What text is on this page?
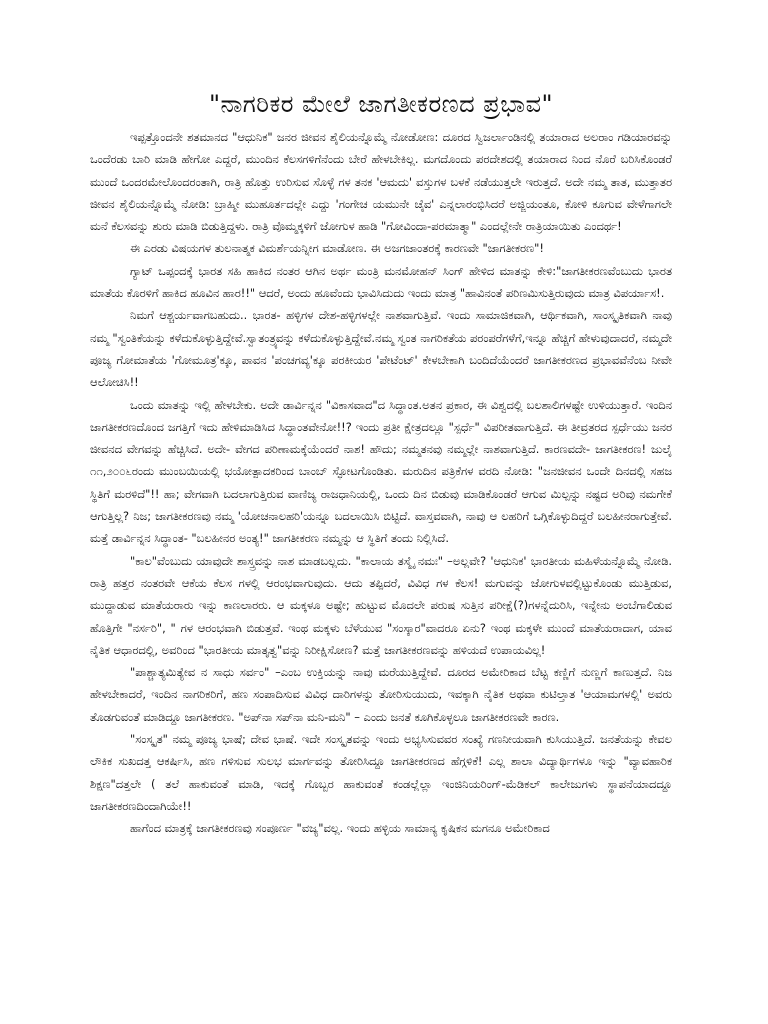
"ನಾಗರಿಕರ ಮೇಲೆ ಜಾಗತೀಕರಣದ ಪ್ರಭಾವ"

ಇಪ್ಪತ್ತೊಂದನೇ ಶತಮಾನದ "ಆಧುನಿಕ" ಜನರ ಜೀವನ ಶೈಲಿಯನ್ನೊಮ್ಮೆ ನೋಡೋಣ: ದೂರದ ಸ್ವಿಜರ್ಲಾಂಡಿನಲ್ಲಿ ತಯಾರಾದ ಅಲರಾಂ ಗಡಿಯಾರವನ್ನು ಒಂದೆರಡು ಬಾರಿ ಮಾಡಿ ಹೇಗೋ ಎದ್ದರೆ, ಮುಂದಿನ ಕೆಲಸಗಳಿಗೆನೆಂದು ಬೇರೆ ಹೇಳಬೇಕಿಲ್ಲ. ಮಗದೊಂದು ಪರದೇಶದಲ್ಲಿ ತಯಾರಾದ ನಿಂದ ನೊರೆ ಬರಿಸಿಕೊಂಡರೆ ಮುಂದೆ ಒಂದರಮೇಲೊಂದರಂತಾಗಿ, ರಾತ್ರಿ ಹೊತ್ತು ಉರಿಸುವ ಸೊಳ್ಳೆ ಗಳ ತನಕ 'ಆಮದು' ವಸ್ತುಗಳ ಬಳಕೆ ನಡೆಯುತ್ತಲೇ ಇರುತ್ತದೆ. ಅದೇ ನಮ್ಮ ತಾತ, ಮುತ್ತಾತರ ಜೀವನ ಶೈಲಿಯನ್ನೊಮ್ಮೆ ನೋಡಿ: ಬ್ರಾಹ್ಮೀ ಮುಹೂರ್ತದಲ್ಲೇ ಎದ್ದು 'ಗಂಗೇಚ ಯಮುನೇ ಚೈವ' ಎನ್ನಲಾರಂಭಿಸಿದರೆ ಅಜ್ಜಿಯಂತೂ, ಕೋಳಿ ಕೂಗುವ ವೇಳೆಗಾಗಲೇ ಮನೆ ಕೆಲಸವನ್ನು ಶುರು ಮಾಡಿ ಬಿಡುತ್ತಿದ್ದಳು. ರಾತ್ರಿ ವೊಮ್ಮಕ್ಕಳಿಗೆ ಜೋಗುಳ ಹಾಡಿ "ಗೋವಿಂದಾ-ಪರಮಾತ್ಮಾ" ಎಂದಲ್ಲೇನೇ ರಾತ್ರಿಯಾಯಿತು ಎಂದರ್ಥ!

ಈ ಎರಡು ವಿಷಯಗಳ ತುಲನಾತ್ಮಕ ವಿಮರ್ಶೆಯನ್ನೀಗ ಮಾಡೋಣ. ಈ ಅಜಗಜಾಂತರಕ್ಕೆ ಕಾರಣವೇ "ಜಾಗತೀಕರಣ"!

ಗ್ಯಾಟ್ ಒಪ್ಪಂದಕ್ಕೆ ಭಾರತ ಸಹಿ ಹಾಕಿದ ನಂತರ ಆಗಿನ ಅರ್ಥ ಮಂತ್ರಿ ಮನಮೋಹನ್ ಸಿಂಗ್ ಹೇಳಿದ ಮಾತನ್ನು ಕೇಳಿ:"ಜಾಗತೀಕರಣವೆಂಬುದು ಭಾರತ ಮಾತೆಯ ಕೊರಳಿಗೆ ಹಾಕಿದ ಹೂವಿನ ಹಾರ!!" ಆದರೆ, ಅಂದು ಹೂವೆಂದು ಭಾವಿಸಿದುದು ಇಂದು ಮಾತ್ರ "ಹಾವಿನಂತೆ ಪರಿಣಮಿಸುತ್ತಿರುವುದು ಮಾತ್ರ ವಿಪರ್ಯಾಸ!.

ನಿಮಗೆ ಆಶ್ಚರ್ಯವಾಗಬಹುದು.. ಭಾರತ- ಹಳ್ಳಿಗಳ ದೇಶ-ಹಳ್ಳಿಗಳಲ್ಲೇ ನಾಶವಾಗುತ್ತಿವೆ. ಇಂದು ಸಾಮಾಜಿಕವಾಗಿ, ಆರ್ಥಿಕವಾಗಿ, ಸಾಂಸ್ಕೃತಿಕವಾಗಿ ನಾವು ನಮ್ಮ "ಸ್ವಂತಿಕೆಯನ್ನು ಕಳೆದುಕೊಳ್ಳುತ್ತಿದ್ದೇವೆ.ಸ್ವಾತಂತ್ರ್ಯವನ್ನು ಕಳೆದುಕೊಳ್ಳುತ್ತಿದ್ದೇವೆ.ನಮ್ಮ ಸ್ವಂತ ನಾಗರಿಕತೆಯ ಪರಂಪರೆಗಳೆಗೆ,ಇನ್ನೂ ಹೆಚ್ಚಿಗೆ ಹೇಳುವುದಾದರೆ, ನಮ್ಮದೇ ಪೂಜ್ಯ ಗೋಮಾತೆಯ 'ಗೋಮೂತ್ರ'ಕ್ಕೂ, ಪಾವನ 'ಪಂಚಗವ್ಯ'ಕ್ಕೂ ಪರಕೀಯರ 'ಪೇಟೆಂಟ್' ಕೇಳಬೇಕಾಗಿ ಬಂದಿದೆಯೆಂದರೆ ಜಾಗತೀಕರಣದ ಪ್ರಭಾವವೆನೆಂಬ ನೀವೇ ಆಲೋಚಿಸಿ!!

ಒಂದು ಮಾತನ್ನು ಇಲ್ಲಿ ಹೇಳಬೇಕು. ಅದೇ ಡಾರ್ವಿನ್ನನ "ವಿಕಾಸವಾದ"ದ ಸಿದ್ಧಾಂತ.ಅತನ ಪ್ರಕಾರ, ಈ ವಿಶ್ವದಲ್ಲಿ ಬಲಶಾಲಿಗಳಷ್ಟೇ ಉಳಿಯುತ್ತಾರೆ. ಇಂದಿನ ಜಾಗತೀಕರಣದೊಂದ ಜಗತ್ತಿಗೆ ಇದು ಹೇಳಿಮಾಡಿಸಿದ ಸಿದ್ಧಾಂತವೇನೋ!!? ಇಂದು ಪ್ರತೀ ಕ್ಷೇತ್ರದಲ್ಲೂ "ಸ್ಪರ್ಧೆ" ವಿಪರೀತವಾಗುತ್ತಿದೆ. ಈ ತೀವ್ರತರದ ಸ್ಪರ್ಧೆಯು ಜನರ ಜೀವನದ ವೇಗವನ್ನು ಹೆಚ್ಚಿಸಿದೆ. ಅದೇ- ವೇಗದ ಪರಿಣಾಮಕ್ಕೆಯೆಂದರೆ ನಾಶ! ಹೌದು; ನಮ್ಮತನವು ನಮ್ಮಲ್ಲೇ ನಾಶವಾಗುತ್ತಿದೆ. ಕಾರಣವದೇ- ಜಾಗತೀಕರಣ! ಜುಲೈ ೧೧,೨೦೦೬ರಂದು ಮುಂಬಯಿಯಲ್ಲಿ ಭಯೋತ್ಪಾದಕರಿಂದ ಬಾಂಬ್ ಸ್ಫೋಟಗೊಂಡಿತು. ಮರುದಿನ ಪತ್ರಿಕೆಗಳ ವರದಿ ನೋಡಿ: "ಜನಜೀವನ ಒಂದೇ ದಿನದಲ್ಲಿ ಸಹಜ ಸ್ಥಿತಿಗೆ ಮರಳಿದೆ"!! ಹಾ; ವೇಗವಾಗಿ ಬದಲಾಗುತ್ತಿರುವ ವಾಣಿಜ್ಯ ರಾಜಧಾನಿಯಲ್ಲಿ, ಒಂದು ದಿನ ಬಿಡುವು ಮಾಡಿಕೊಂಡರೆ ಆಗುವ ಮಿಲ್ಪನ್ನು ನಷ್ಟದ ಅರಿವು ನಮಗೇಕೆ ಆಗುತ್ತಿಲ್ಲ? ನಿಜ; ಜಾಗತೀಕರಣವು ನಮ್ಮ 'ಯೋಚನಾಲಹರಿ'ಯನ್ನೂ ಬದಲಾಯಿಸಿ ಬಿಟ್ಟಿದೆ. ವಾಸ್ತವವಾಗಿ, ನಾವು ಆ ಲಹರಿಗೆ ಒಗ್ಗಿಕೊಳ್ಳುದಿದ್ದರೆ ಬಲಹೀನರಾಗುತ್ತೇವೆ. ಮತ್ತೆ ಡಾರ್ವಿನ್ನನ ಸಿದ್ಧಾಂತ- "ಬಲಹೀನರ ಅಂತ್ಯ!" ಜಾಗತೀಕರಣ ನಮ್ಮನ್ನು ಆ ಸ್ಥಿತಿಗೆ ತಂದು ನಿಲ್ಲಿಸಿದೆ.

"ಕಾಲ"ವೆಂಬುದು ಯಾವುದೇ ಶಾಸ್ತ್ರವನ್ನು ನಾಶ ಮಾಡಬಲ್ಲದು. "ಕಾಲಾಯ ತಸ್ಮೈ ನಮಃ" –ಅಲ್ಲವೇ? 'ಆಧುನಿಕ' ಭಾರತೀಯ ಮಹಿಳೆಯನ್ನೊಮ್ಮೆ ನೋಡಿ. ರಾತ್ರಿ ಹತ್ತರ ನಂತರವೇ ಆಕೆಯ ಕೆಲಸ ಗಳಲ್ಲಿ ಆರಂಭವಾಗುವುದು. ಆದು ತಪ್ಪಿದರೆ, ವಿವಿಧ ಗಳ ಕೆಲಸ! ಮಗುವನ್ನು ಜೋಗುಳವಲ್ಲಿಟ್ಟುಕೊಂಡು ಮುತ್ತಿಡುವ, ಮುದ್ದಾಡುವ ಮಾತೆಯರಾರು ಇನ್ನು ಕಾಣಲಾರರು. ಆ ಮಕ್ಕಳೂ ಅಷ್ಟೇ; ಹುಟ್ಟುವ ಮೊದಲೇ ಪರುಷ ಸುತ್ತಿನ ಪರೀಕ್ಷೆ(?)ಗಳನ್ನೆದುರಿಸಿ, ಇನ್ನೇನು ಅಂಬೆಗಾಲಿಡುವ ಹೊತ್ತಿಗೇ "ನರ್ಸರಿ", " ಗಳ ಆರಂಭವಾಗಿ ಬಿಡುತ್ತವೆ. ಇಂಥ ಮಕ್ಕಳು ಬೆಳೆಯುವ "ಸಂಸ್ಕಾರ"ವಾದರೂ ಏನು? ಇಂಥ ಮಕ್ಕಳೇ ಮುಂದೆ ಮಾತೆಯರಾದಾಗ, ಯಾವ ನೈತಿಕ ಆಧಾರದಲ್ಲಿ, ಅವರಿಂದ "ಭಾರತೀಯ ಮಾತೃತ್ವ"ವನ್ನು ನಿರೀಕ್ಷಿಸೋಣ? ಮತ್ತೆ ಜಾಗತೀಕರಣವನ್ನು ಹಳಿಯದೆ ಉಪಾಯವಿಲ್ಲ!

"ಪಾಶ್ಚಾತ್ಯಮಿತ್ಯೇವ ನ ಸಾಧು ಸರ್ವಂ" –ಎಂಬ ಉಕ್ತಿಯನ್ನು ನಾವು ಮರೆಯುತ್ತಿದ್ದೇವೆ. ದೂರದ ಅಮೇರಿಕಾದ ಬೆಟ್ಟ ಕಣ್ಣಿಗೆ ನುಣ್ಣಗೆ ಕಾಣುತ್ತದೆ. ನಿಜ ಹೇಳಬೇಕಾದರೆ, ಇಂದಿನ ನಾಗರಿಕರಿಗೆ, ಹಣ ಸಂಪಾದಿಸುವ ವಿವಿಧ ದಾರಿಗಳನ್ನು ತೋರಿಸುಯುದು, ಇವಕ್ಕಾಗಿ ನೈತಿಕ ಅಥವಾ ಕುಟಿಲ್ತಾತ 'ಆಯಾಮಗಳಲ್ಲಿ' ಅವರು ತೊಡಗುವಂತೆ ಮಾಡಿದ್ದೂ ಜಾಗತೀಕರಣ. "ಅಪ್‌ನಾ ಸಪ್‌ನಾ ಮನಿ-ಮನಿ" – ಎಂದು ಜನತೆ ಕೂಗಿಕೊಳ್ಳಲೂ ಜಾಗತೀಕರಣವೇ ಕಾರಣ.

"ಸಂಸ್ಕೃತ" ನಮ್ಮ ಪೂಜ್ಯ ಭಾಷೆ; ದೇವ ಭಾಷೆ. ಇದೇ ಸಂಸ್ಕೃತವನ್ನು ಇಂದು ಅಭ್ಯಸಿಸುವವರ ಸಂಖ್ಯೆ ಗಣನೀಯವಾಗಿ ಕುಸಿಯುತ್ತಿದೆ. ಜನತೆಯನ್ನು ಕೇವಲ ಲೌಕಿಕ ಸುಖದತ್ತ ಆಕರ್ಷಿಸಿ, ಹಣ ಗಳಿಸುವ ಸುಲಭ ಮಾರ್ಗವನ್ನು ತೋರಿಸಿದ್ದೂ ಜಾಗತೀಕರಣದ ಹೆಗ್ಗಳಿಕೆ! ಎಲ್ಲ ಶಾಲಾ ವಿದ್ಯಾರ್ಥಿಗಳೂ ಇನ್ನು "ವ್ಯಾವಹಾರಿಕ ಶಿಕ್ಷಣ"ದತ್ತಲೇ ( ತಲೆ ಹಾಕುವಂತೆ ಮಾಡಿ, ಇದಕ್ಕೆ ಗೊಬ್ಬರ ಹಾಕುವಂತೆ ಕಂಡಲ್ಲೆಲ್ಲಾ ಇಂಜಿನಿಯರಿಂಗ್-ಮೆಡಿಕಲ್ ಕಾಲೇಜುಗಳು ಸ್ಥಾಪನೆಯಾದದ್ದೂ ಜಾಗತೀಕರಣದಿಂದಾಗಿಯೇ!!

ಹಾಗೆಂದ ಮಾತ್ರಕ್ಕೆ ಜಾಗತೀಕರಣವು ಸಂಪೂರ್ಣ "ವಜ್ಯ"ವಲ್ಲ. ಇಂದು ಹಳ್ಳಿಯ ಸಾಮಾನ್ಯ ಕೃಷಿಕನ ಮಗನೂ ಅಮೇರಿಕಾದ
